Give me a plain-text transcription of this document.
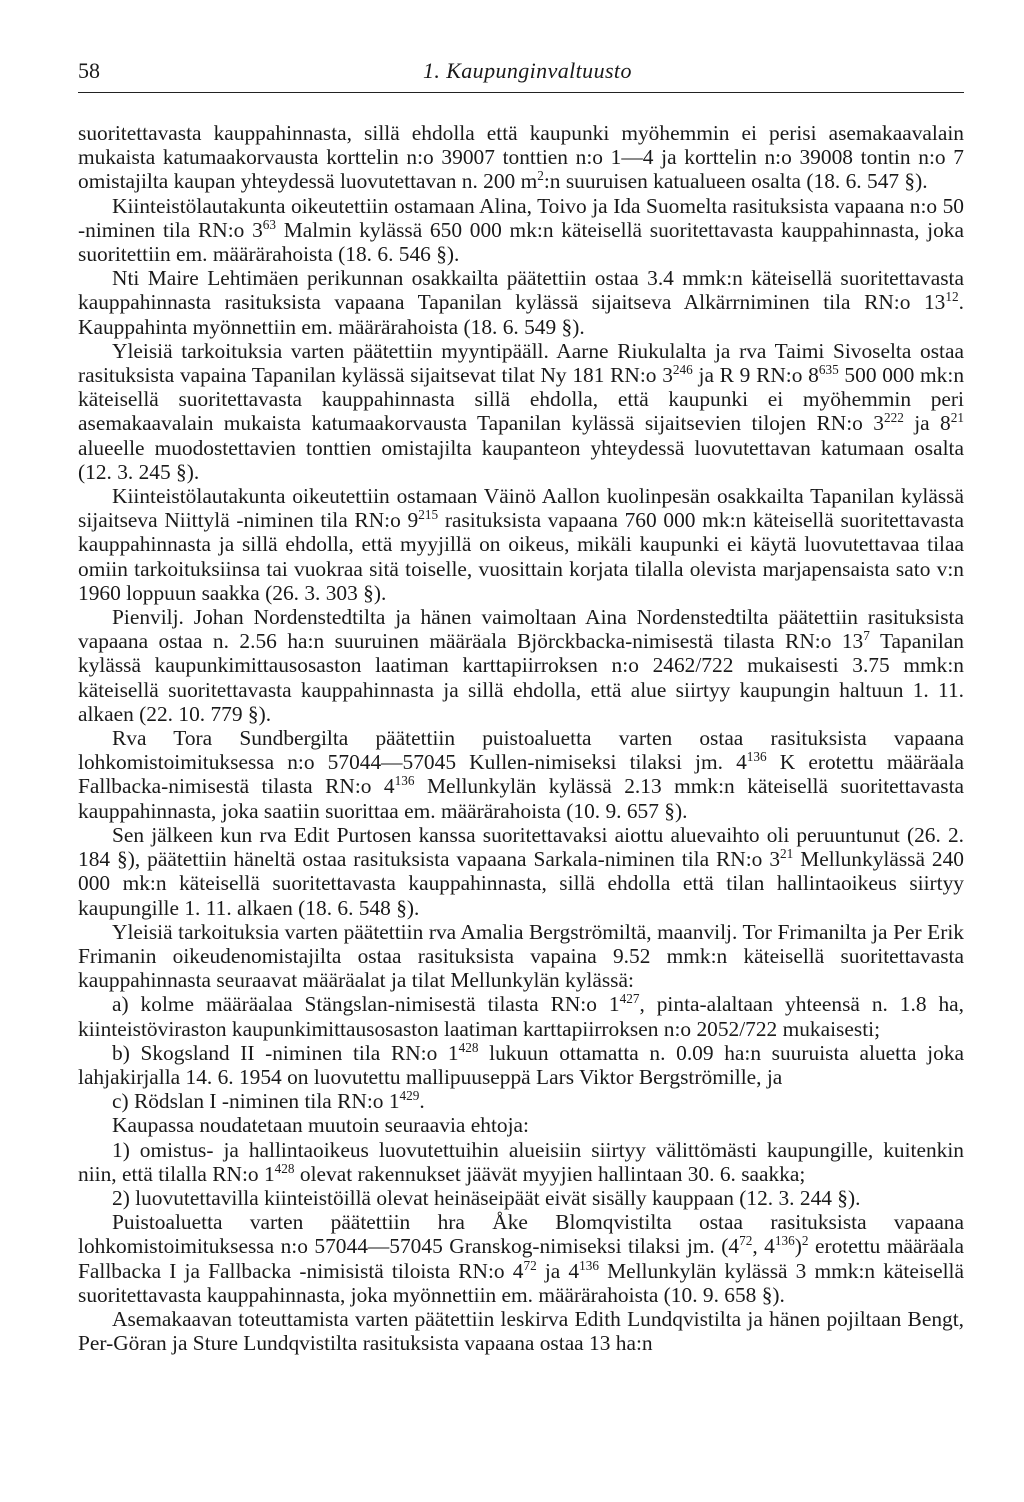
58	1. Kaupunginvaltuusto

suoritettavasta kauppahinnasta, sillä ehdolla että kaupunki myöhemmin ei perisi asemakaavalain mukaista katumaakorvausta korttelin n:o 39007 tonttien n:o 1—4 ja korttelin n:o 39008 tontin n:o 7 omistajilta kaupan yhteydessä luovutettavan n. 200 $m^2:n$ suuruisen katualueen osalta (18. 6. 547 §).

Kiinteistölautakunta oikeutettiin ostamaan Alina, Toivo ja Ida Suomelta rasituksista vapaana n:o 50 -niminen tila RN:o $3^{63}$ Malmin kylässä 650 000 mk:n käteisellä suoritettavasta kauppahinnasta, joka suoritettiin em. määrärahoista (18. 6. 546 §).

Nti Maire Lehtimäen perikunnan osakkailta päätettiin ostaa 3.4 mmk:n käteisellä suoritettavasta kauppahinnasta rasituksista vapaana Tapanilan kylässä sijaitseva Alkärrniminen tila RN:o $13^{12}$. Kauppahinta myönnettiin em. määrärahoista (18. 6. 549 §).

Yleisiä tarkoituksia varten päätettiin myyntipääll. Aarne Riukulalta ja rva Taimi Sivoselta ostaa rasituksista vapaina Tapanilan kylässä sijaitsevat tilat Ny 181 RN:o $3^{246}$ ja R 9 RN:o $8^{635}$ 500 000 mk:n käteisellä suoritettavasta kauppahinnasta sillä ehdolla, että kaupunki ei myöhemmin peri asemakaavalain mukaista katumaakorvausta Tapanilan kylässä sijaitsevien tilojen RN:o $3^{222}$ ja $8^{21}$ alueelle muodostettavien tonttien omistajilta kaupanteon yhteydessä luovutettavan katumaan osalta (12. 3. 245 §).

Kiinteistölautakunta oikeutettiin ostamaan Väinö Aallon kuolinpesän osakkailta Tapanilan kylässä sijaitseva Niittylä -niminen tila RN:o $9^{215}$ rasituksista vapaana 760 000 mk:n käteisellä suoritettavasta kauppahinnasta ja sillä ehdolla, että myyjillä on oikeus, mikäli kaupunki ei käytä luovutettavaa tilaa omiin tarkoituksiinsa tai vuokraa sitä toiselle, vuosittain korjata tilalla olevista marjapensaista sato v:n 1960 loppuun saakka (26. 3. 303 §).

Pienvilj. Johan Nordenstedtilta ja hänen vaimoltaan Aina Nordenstedtilta päätettiin rasituksista vapaana ostaa n. 2.56 ha:n suuruinen määräala Björckbacka-nimisestä tilasta RN:o $13^7$ Tapanilan kylässä kaupunkimittausosaston laatiman karttapiirroksen n:o 2462/722 mukaisesti 3.75 mmk:n käteisellä suoritettavasta kauppahinnasta ja sillä ehdolla, että alue siirtyy kaupungin haltuun 1. 11. alkaen (22. 10. 779 §).

Rva Tora Sundbergilta päätettiin puistoaluetta varten ostaa rasituksista vapaana lohkomistoimituksessa n:o 57044—57045 Kullen-nimiseksi tilaksi jm. $4^{136}$ K erotettu määräala Fallbacka-nimisestä tilasta RN:o $4^{136}$ Mellunkylän kylässä 2.13 mmk:n käteisellä suoritettavasta kauppahinnasta, joka saatiin suorittaa em. määrärahoista (10. 9. 657 §).

Sen jälkeen kun rva Edit Purtosen kanssa suoritettavaksi aiottu aluevaihto oli peruuntunut (26. 2. 184 §), päätettiin häneltä ostaa rasituksista vapaana Sarkala-niminen tila RN:o $3^{21}$ Mellunkylässä 240 000 mk:n käteisellä suoritettavasta kauppahinnasta, sillä ehdolla että tilan hallintaoikeus siirtyy kaupungille 1. 11. alkaen (18. 6. 548 §).

Yleisiä tarkoituksia varten päätettiin rva Amalia Bergströmiltä, maanvilj. Tor Frimanilta ja Per Erik Frimanin oikeudenomistajilta ostaa rasituksista vapaina 9.52 mmk:n käteisellä suoritettavasta kauppahinnasta seuraavat määräalat ja tilat Mellunkylän kylässä:

a) kolme määräalaa Stängslan-nimisestä tilasta RN:o $1^{427}$, pinta-alaltaan yhteensä n. 1.8 ha, kiinteistöviraston kaupunkimittausosaston laatiman karttapiirroksen n:o 2052/722 mukaisesti;

b) Skogsland II -niminen tila RN:o $1^{428}$ lukuun ottamatta n. 0.09 ha:n suuruista aluetta joka lahjakirjalla 14. 6. 1954 on luovutettu mallipuuseppä Lars Viktor Bergströmille, ja

c) Rödslan I -niminen tila RN:o $1^{429}$.

Kaupassa noudatetaan muutoin seuraavia ehtoja:

1) omistus- ja hallintaoikeus luovutettuihin alueisiin siirtyy välittömästi kaupungille, kuitenkin niin, että tilalla RN:o $1^{428}$ olevat rakennukset jäävät myyjien hallintaan 30. 6. saakka;

2) luovutettavilla kiinteistöillä olevat heinäseipäät eivät sisälly kauppaan (12. 3. 244 §).

Puistoaluetta varten päätettiin hra Åke Blomqvistilta ostaa rasituksista vapaana lohkomistoimituksessa n:o 57044—57045 Granskog-nimiseksi tilaksi jm. ($4^{72}$, $4^{136})^2$ erotettu määräala Fallbacka I ja Fallbacka -nimisistä tiloista RN:o $4^{72}$ ja $4^{136}$ Mellunkylän kylässä 3 mmk:n käteisellä suoritettavasta kauppahinnasta, joka myönnettiin em. määrärahoista (10. 9. 658 §).

Asemakaavan toteuttamista varten päätettiin leskirva Edith Lundqvistilta ja hänen pojiltaan Bengt, Per-Göran ja Sture Lundqvistilta rasituksista vapaana ostaa 13 ha:n
